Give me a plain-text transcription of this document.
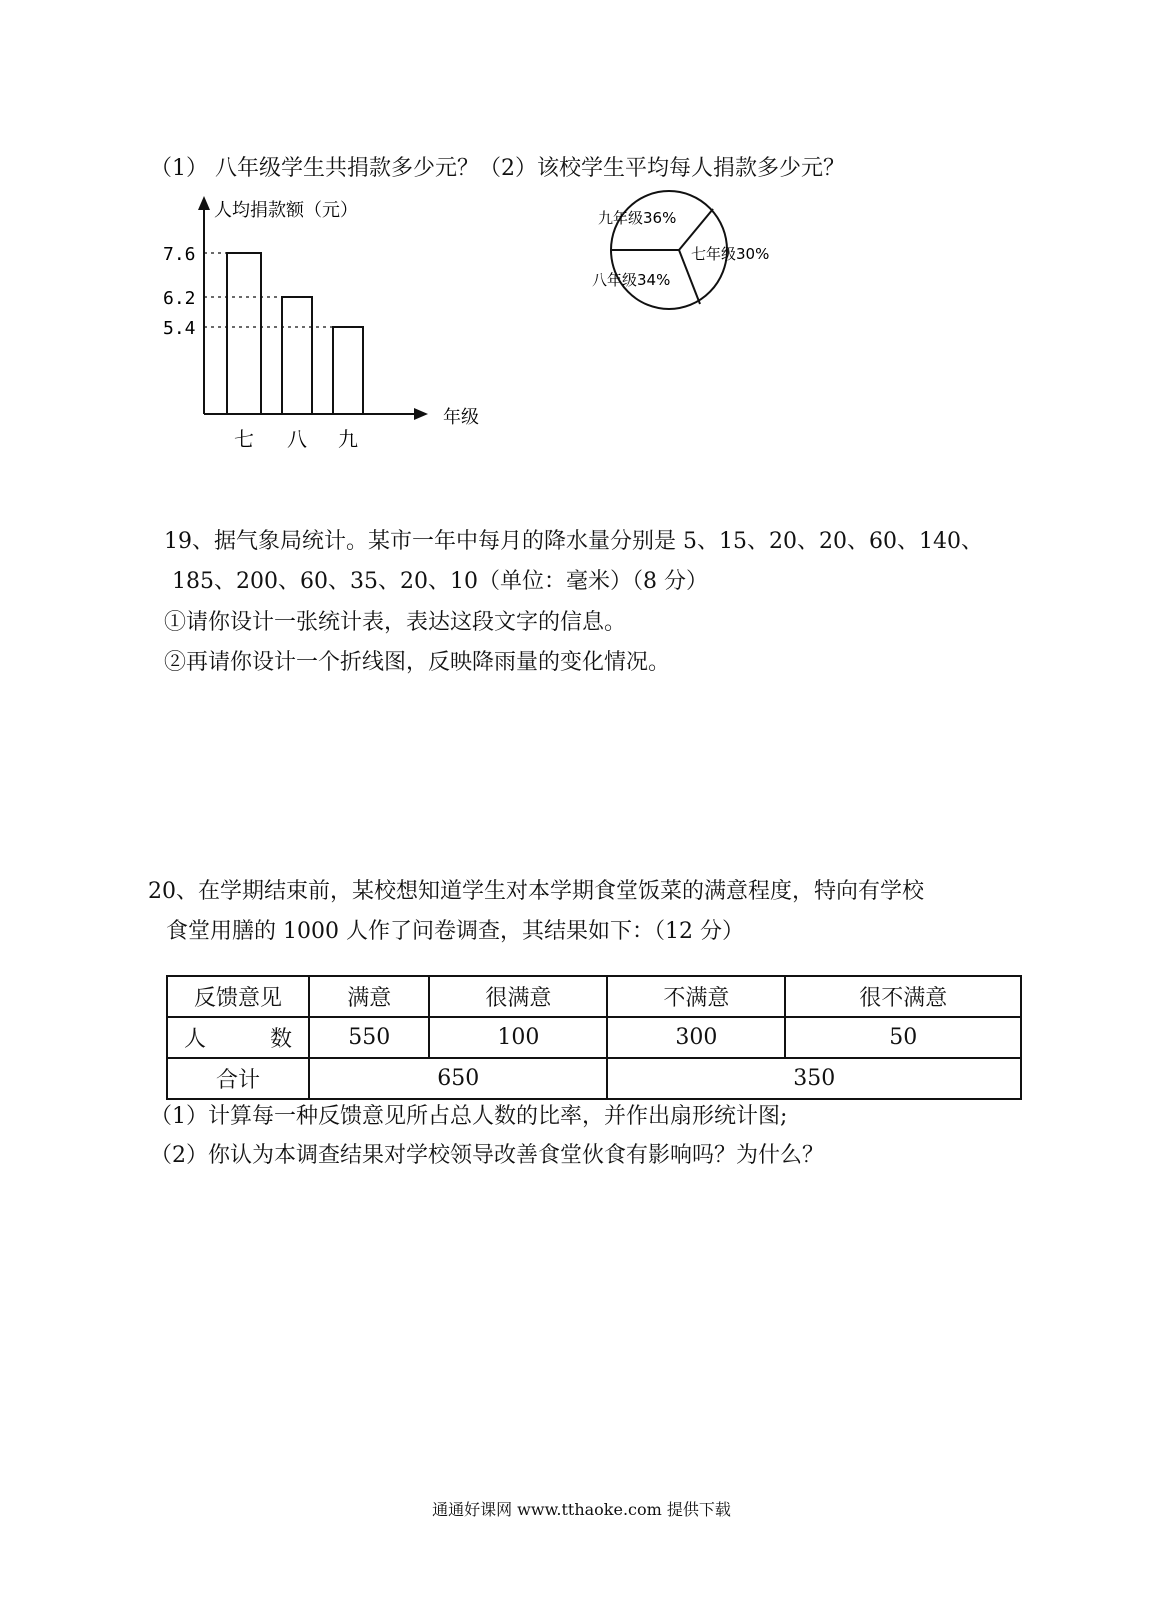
（1） 八年级学生共捐款多少元？（2）该校学生平均每人捐款多少元？
人均捐款额（元）
年级
7.6
七
6.2
八
5.4
九
九年级36%
七年级30%
八年级34%
19、据气象局统计。某市一年中每月的降水量分别是 5、15、20、20、60、140、
185、200、60、35、20、10（单位：毫米）（8 分）
①请你设计一张统计表，表达这段文字的信息。
②再请你设计一个折线图，反映降雨量的变化情况。
20、在学期结束前，某校想知道学生对本学期食堂饭菜的满意程度，特向有学校
食堂用膳的 1000 人作了问卷调查，其结果如下：（12 分）
反馈意见	满意	很满意	不满意	很不满意

人 数	550	100	300	50
合计	650		350	
（1）计算每一种反馈意见所占总人数的比率，并作出扇形统计图;
（2）你认为本调查结果对学校领导改善食堂伙食有影响吗？为什么？
通通好课网 www.tthaoke.com 提供下载
